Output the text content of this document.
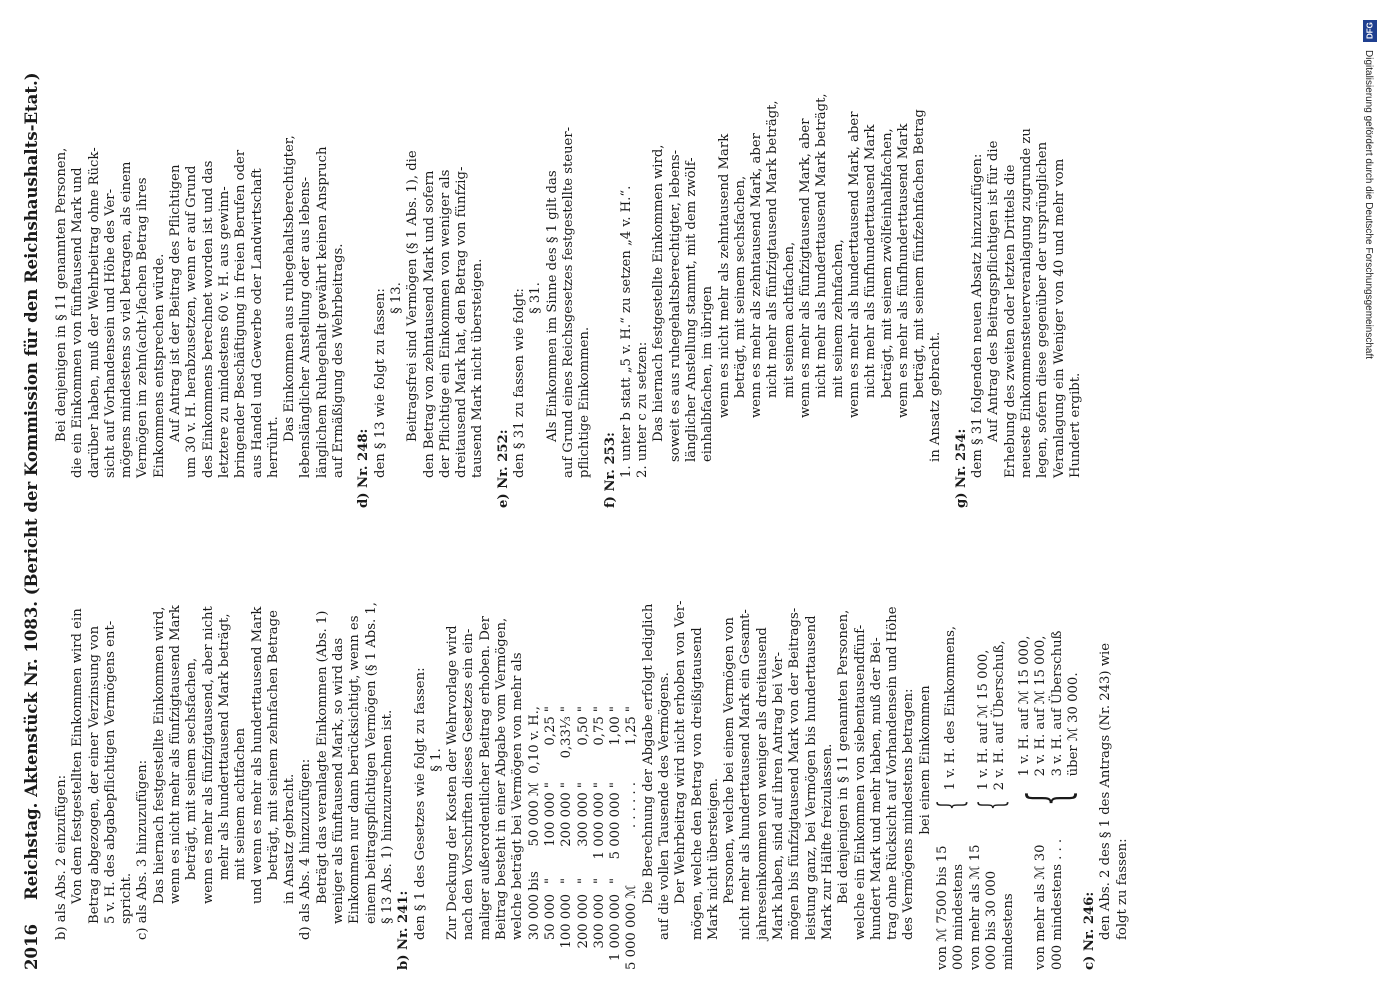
2016
Reichstag. Aktenstück Nr. 1083. (Bericht der Kommission für den Reichshaushalts-Etat.) b) als Abs. 2 einzufügen: Von dem festgestellten Einkommen wird ein Betrag abgezogen, der einer Verzinsung von 5 v. H. des abgabepflichtigen Vermögens ent- spricht. c) als Abs. 3 hinzuzufügen: Das hiernach festgestellte Einkommen wird, wenn es nicht mehr als fünfzigtausend Mark beträgt, mit seinem sechsfachen, wenn es mehr als fünfzigtausend, aber nicht mehr als hunderttausend Mark beträgt, mit seinem achtfachen und wenn es mehr als hunderttausend Mark beträgt, mit seinem zehnfachen Betrage in Ansatz gebracht. d) als Abs. 4 hinzuzufügen: Beträgt das veranlagte Einkommen (Abs. 1) weniger als fünftausend Mark, so wird das Einkommen nur dann berücksichtigt, wenn es einem beitragspflichtigen Vermögen (§ 1 Abs. 1, § 13 Abs. 1) hinzuzurechnen ist.
b) Nr. 241: den § 1 des Gesetzes wie folgt zu fassen: § 1. Zur Deckung der Kosten der Wehrvorlage wird nach den Vorschriften dieses Gesetzes ein ein- maliger außerordentlicher Beitrag erhoben. Der Beitrag besteht in einer Abgabe vom Vermögen, welche beträgt bei Vermögen von mehr als 30 000
bis
50 000 ℳ
0,10 v. H.,
50 000
"
100 000 "
0,25 "
100 000
"
200 000 "
0,33⅓ "
200 000
"
300 000 "
0,50 "
300 000
"
1 000 000 "
0,75 "
1 000 000
"
5 000 000 "
1,00 "
5 000 000 ℳ
. . . . . .
1,25 " Die Berechnung der Abgabe erfolgt lediglich auf die vollen Tausende des Vermögens. Der Wehrbeitrag wird nicht erhoben von Ver- mögen, welche den Betrag von dreißigtausend Mark nicht übersteigen. Personen, welche bei einem Vermögen von nicht mehr als hunderttausend Mark ein Gesamt- jahreseinkommen von weniger als dreitausend Mark haben, sind auf ihren Antrag bei Ver- mögen bis fünfzigtausend Mark von der Beitrags- leistung ganz, bei Vermögen bis hunderttausend Mark zur Hälfte freizulassen. Bei denjenigen in § 11 genannten Personen, welche ein Einkommen von siebentausendfünf- hundert Mark und mehr haben, muß der Bei- trag ohne Rücksicht auf Vorhandensein und Höhe des Vermögens mindestens betragen: bei einem Einkommen
von ℳ 7500 bis 15 000 mindestens
{
1 v. H. des Einkommens,
von mehr als ℳ 15 000 bis 30 000 mindestens
{
1 v. H. auf ℳ 15 000, 2 v. H. auf Überschuß,
von mehr als ℳ 30 000 mindestens . . .
{
1 v. H. auf ℳ 15 000, 2 v. H. auf ℳ 15 000, 3 v. H. auf Überschuß über ℳ 30 000.
c) Nr. 246: den Abs. 2 des § 1 des Antrags (Nr. 243) wie folgt zu fassen:
Bei denjenigen in § 11 genannten Personen, die ein Einkommen von fünftausend Mark und darüber haben, muß der Wehrbeitrag ohne Rück- sicht auf Vorhandensein und Höhe des Ver- mögens mindestens so viel betragen, als einem Vermögen im zehn(acht-)fachen Betrag ihres Einkommens entsprechen würde. Auf Antrag ist der Beitrag des Pflichtigen um 30 v. H. herabzusetzen, wenn er auf Grund des Einkommens berechnet worden ist und das letztere zu mindestens 60 v. H. aus gewinn- bringender Beschäftigung in freien Berufen oder aus Handel und Gewerbe oder Landwirtschaft herrührt.
Das Einkommen aus ruhegehaltsberechtigter, lebenslänglicher Anstellung oder aus lebens- länglichem Ruhegehalt gewährt keinen Anspruch auf Ermäßigung des Wehrbeitrags. d) Nr. 248: den § 13 wie folgt zu fassen: § 13. Beitragsfrei sind Vermögen (§ 1 Abs. 1), die den Betrag von zehntausend Mark und sofern der Pflichtige ein Einkommen von weniger als dreitausend Mark hat, den Betrag von fünfzig- tausend Mark nicht übersteigen. e) Nr. 252: den § 31 zu fassen wie folgt: § 31. Als Einkommen im Sinne des § 1 gilt das auf Grund eines Reichsgesetzes festgestellte steuer- pflichtige Einkommen. f) Nr. 253: 1. unter b statt „5 v. H.“ zu setzen „4 v. H.“. 2. unter c zu setzen: Das hiernach festgestellte Einkommen wird, soweit es aus ruhegehaltsberechtigter, lebens- länglicher Anstellung stammt, mit dem zwölf- einhalbfachen, im übrigen wenn es nicht mehr als zehntausend Mark beträgt, mit seinem sechsfachen, wenn es mehr als zehntausend Mark, aber nicht mehr als fünfzigtausend Mark beträgt, mit seinem achtfachen, wenn es mehr als fünfzigtausend Mark, aber nicht mehr als hunderttausend Mark beträgt, mit seinem zehnfachen, wenn es mehr als hunderttausend Mark, aber nicht mehr als fünfhunderttausend Mark beträgt, mit seinem zwölfeinhalbfachen, wenn es mehr als fünfhunderttausend Mark beträgt, mit seinem fünfzehnfachen Betrag in Ansatz gebracht.
g) Nr. 254: dem § 31 folgenden neuen Absatz hinzuzufügen: Auf Antrag des Beitragspflichtigen ist für die Erhebung des zweiten oder letzten Drittels die neueste Einkommensteuerveranlagung zugrunde zu legen, sofern diese gegenüber der ursprünglichen Veranlagung ein Weniger von 40 und mehr vom Hundert ergibt.
DFG
Digitalisierung gefördert durch die Deutsche Forschungsgemeinschaft
